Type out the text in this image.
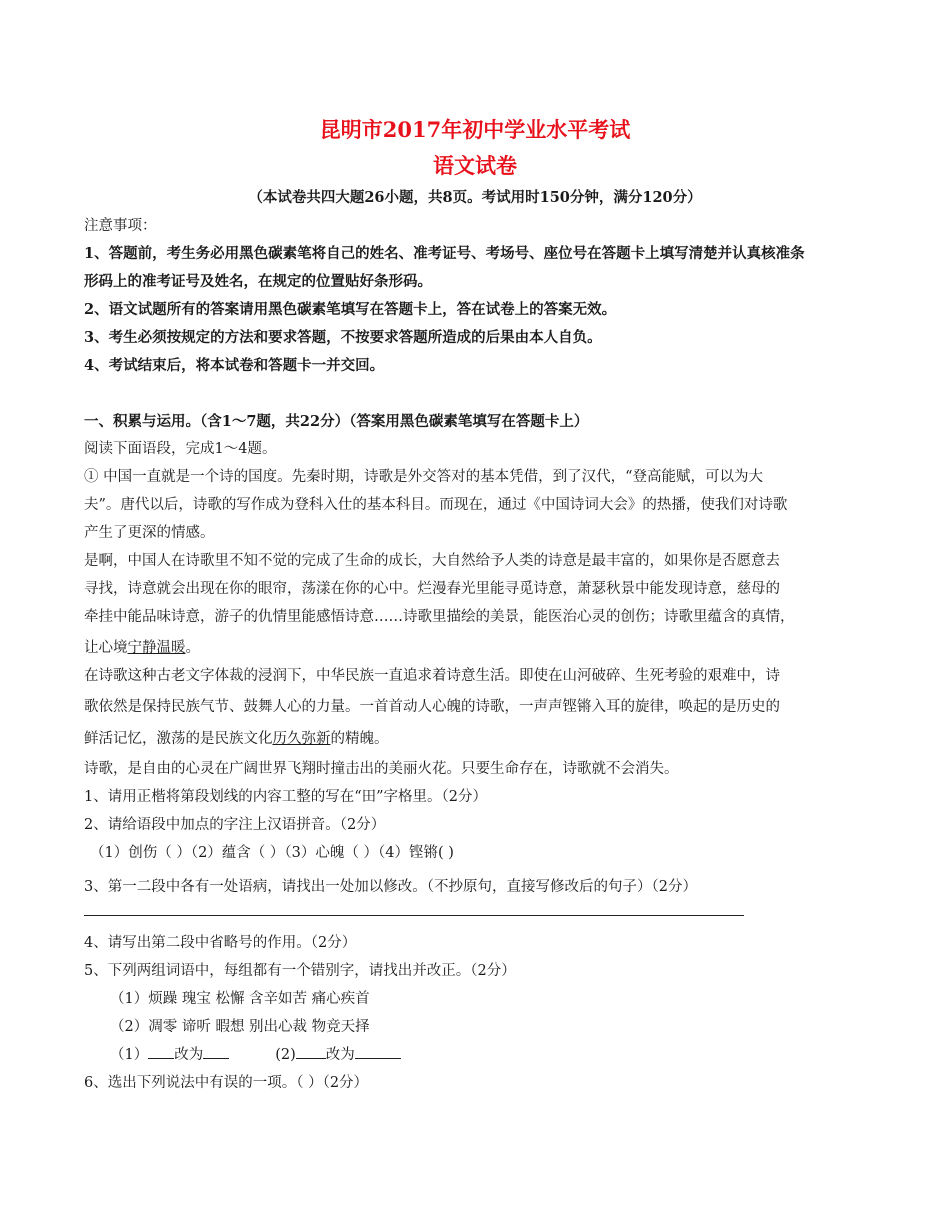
昆明市2017年初中学业水平考试
语文试卷
（本试卷共四大题26小题，共8页。考试用时150分钟，满分120分）
注意事项：
1、答题前，考生务必用黑色碳素笔将自己的姓名、准考证号、考场号、座位号在答题卡上填写清楚并认真核准条
形码上的准考证号及姓名，在规定的位置贴好条形码。
2、语文试题所有的答案请用黑色碳素笔填写在答题卡上，答在试卷上的答案无效。
3、考生必须按规定的方法和要求答题，不按要求答题所造成的后果由本人自负。
4、考试结束后，将本试卷和答题卡一并交回。
一、积累与运用。（含1〜7题，共22分）（答案用黑色碳素笔填写在答题卡上）
阅读下面语段，完成1〜4题。
① 中国一直就是一个诗的国度。先秦时期，诗歌是外交答对的基本凭借，到了汉代，“登高能赋，可以为大
夫”。唐代以后，诗歌的写作成为登科入仕的基本科目。而现在，通过《中国诗词大会》的热播，使我们对诗歌
产生了更深的情感。
是啊，中国人在诗歌里不知不觉的完成了生命的成长，大自然给予人类的诗意是最丰富的，如果你是否愿意去
寻找，诗意就会出现在你的眼帘，荡漾在你的心中。烂漫春光里能寻觅诗意，萧瑟秋景中能发现诗意，慈母的
牵挂中能品味诗意，游子的仇情里能感悟诗意……诗歌里描绘的美景，能医治心灵的创伤；诗歌里蕴含的真情，
让心境宁静温暖。
在诗歌这种古老文字体裁的浸润下，中华民族一直追求着诗意生活。即使在山河破碎、生死考验的艰难中，诗
歌依然是保持民族气节、鼓舞人心的力量。一首首动人心魄的诗歌，一声声铿锵入耳的旋律，唤起的是历史的
鲜活记忆，激荡的是民族文化历久弥新的精魄。
诗歌，是自由的心灵在广阔世界飞翔时撞击出的美丽火花。只要生命存在，诗歌就不会消失。
1、请用正楷将第段划线的内容工整的写在“田”字格里。（2分）
2、请给语段中加点的字注上汉语拼音。（2分）
（1）创伤（ ）（2）蕴含（ ）（3）心魄（ ）（4）铿锵( )
3、第一二段中各有一处语病，请找出一处加以修改。（不抄原句，直接写修改后的句子）（2分）
4、请写出第二段中省略号的作用。（2分）
5、下列两组词语中，每组都有一个错别字，请找出并改正。（2分）
（1）烦躁 瑰宝 松懈 含辛如苦 痛心疾首
（2）凋零 谛听 暇想 别出心裁 物竞天择
（1） 改为	(2) 改为
6、选出下列说法中有误的一项。（ ）（2分）
